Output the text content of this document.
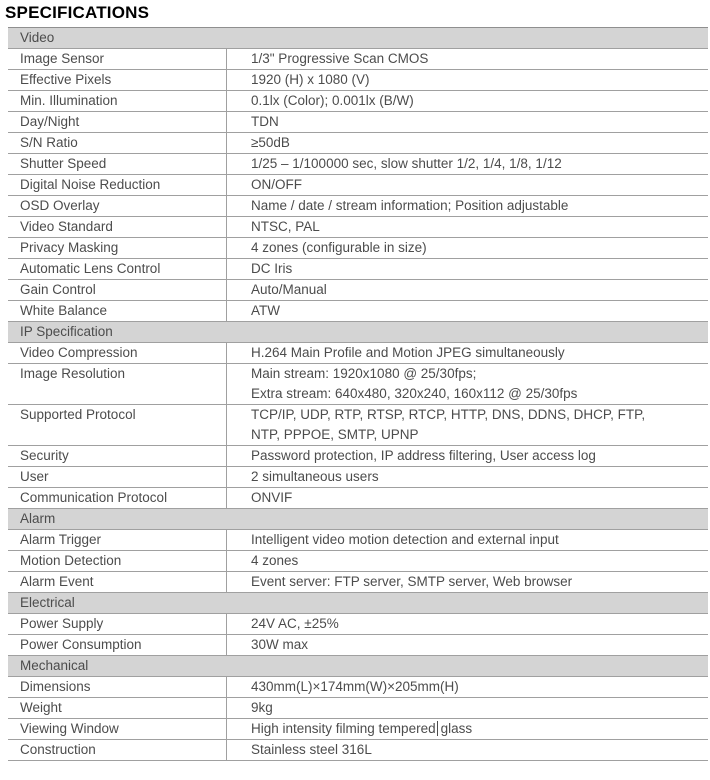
SPECIFICATIONS
Video
Image Sensor	1/3" Progressive Scan CMOS
Effective Pixels	1920 (H) x 1080 (V)
Min. Illumination	0.1lx (Color); 0.001lx (B/W)
Day/Night	TDN
S/N Ratio	≥50dB
Shutter Speed	1/25 – 1/100000 sec, slow shutter 1/2, 1/4, 1/8, 1/12
Digital Noise Reduction	ON/OFF
OSD Overlay	Name / date / stream information; Position adjustable
Video Standard	NTSC, PAL
Privacy Masking	4 zones (configurable in size)
Automatic Lens Control	DC Iris
Gain Control	Auto/Manual
White Balance	ATW
IP Specification
Video Compression	H.264 Main Profile and Motion JPEG simultaneously
Image Resolution	Main stream: 1920x1080 @ 25/30fps;
Extra stream: 640x480, 320x240, 160x112 @ 25/30fps
Supported Protocol	TCP/IP, UDP, RTP, RTSP, RTCP, HTTP, DNS, DDNS, DHCP, FTP,
NTP, PPPOE, SMTP, UPNP
Security	Password protection, IP address filtering, User access log
User	2 simultaneous users
Communication Protocol	ONVIF
Alarm
Alarm Trigger	Intelligent video motion detection and external input
Motion Detection	4 zones
Alarm Event	Event server: FTP server, SMTP server, Web browser
Electrical
Power Supply	24V AC, ±25%
Power Consumption	30W max
Mechanical
Dimensions	430mm(L)×174mm(W)×205mm(H)
Weight	9kg
Viewing Window	High intensity filming tempered glass
Construction	Stainless steel 316L
